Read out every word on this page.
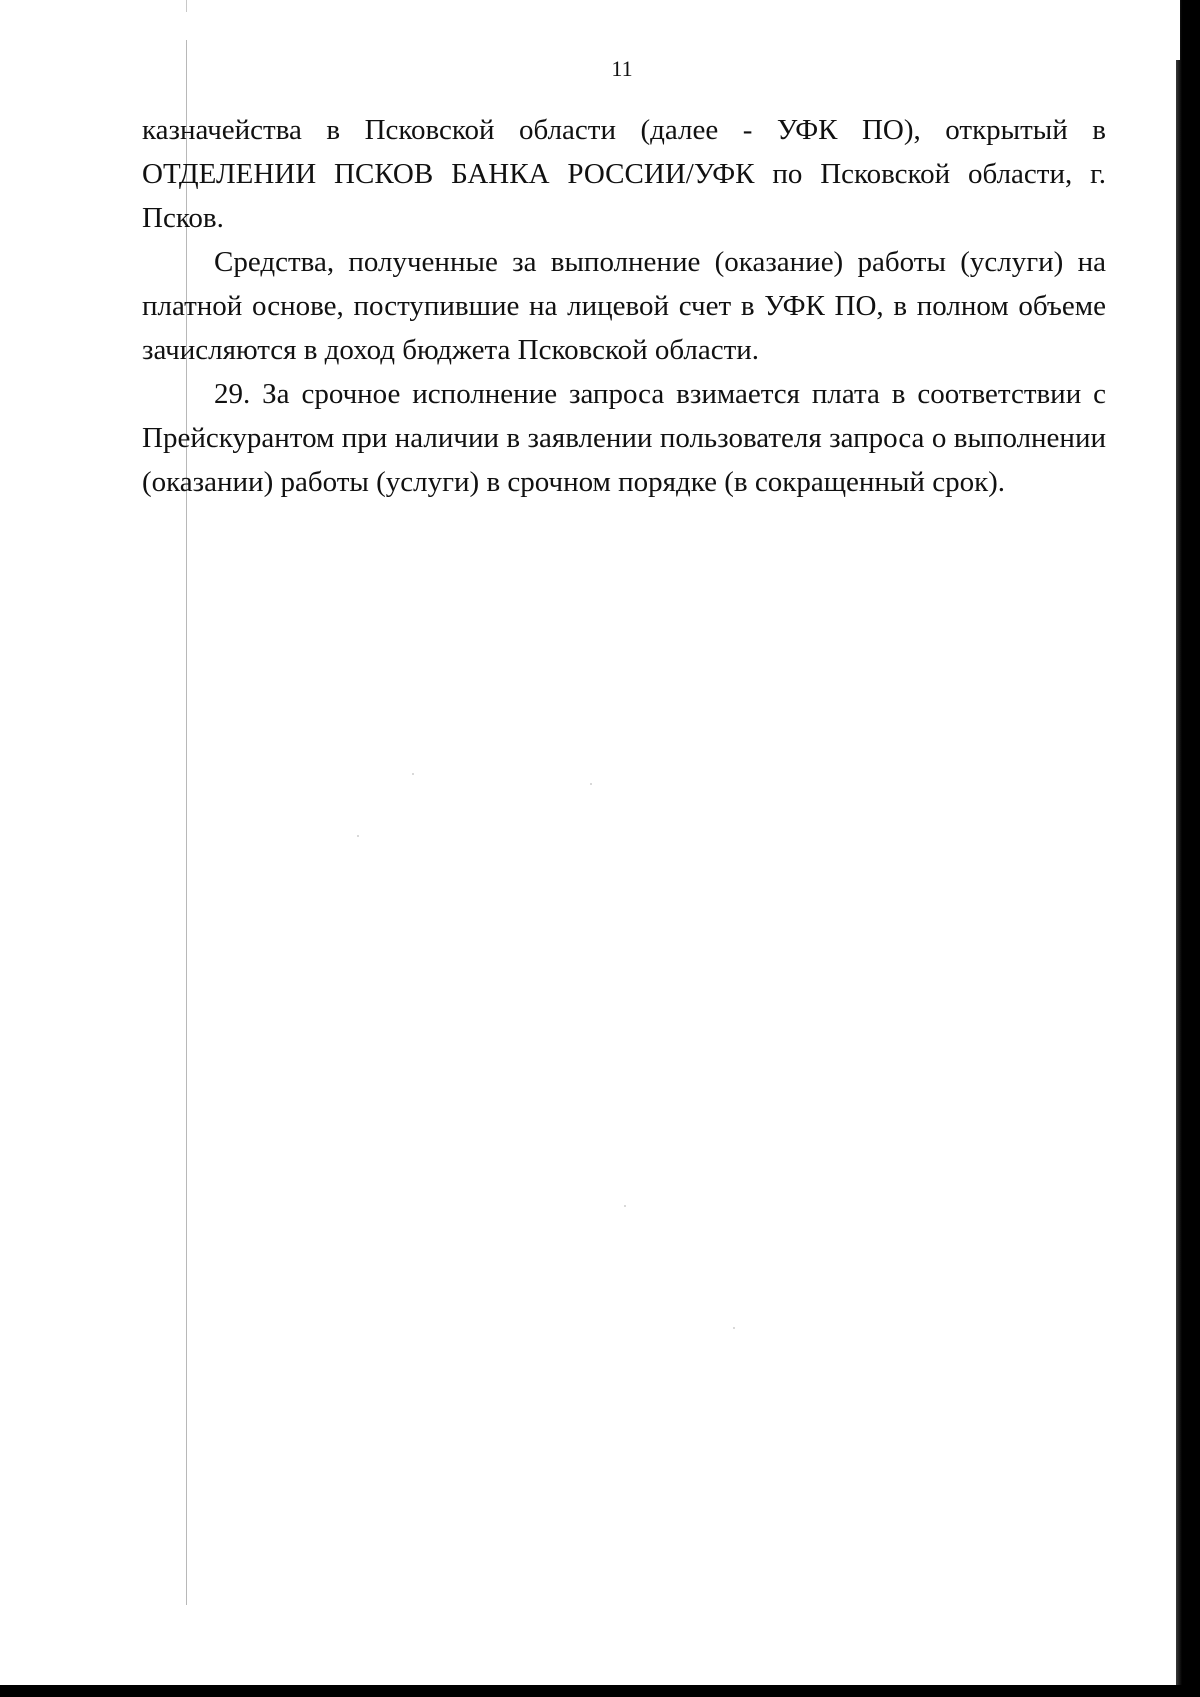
11

казначейства в Псковской области (далее - УФК ПО), открытый в ОТДЕЛЕНИИ ПСКОВ БАНКА РОССИИ/УФК по Псковской области, г. Псков.

Средства, полученные за выполнение (оказание) работы (услуги) на платной основе, поступившие на лицевой счет в УФК ПО, в полном объеме зачисляются в доход бюджета Псковской области.

29. За срочное исполнение запроса взимается плата в соответствии с Прейскурантом при наличии в заявлении пользователя запроса о выполнении (оказании) работы (услуги) в срочном порядке (в сокращенный срок).
